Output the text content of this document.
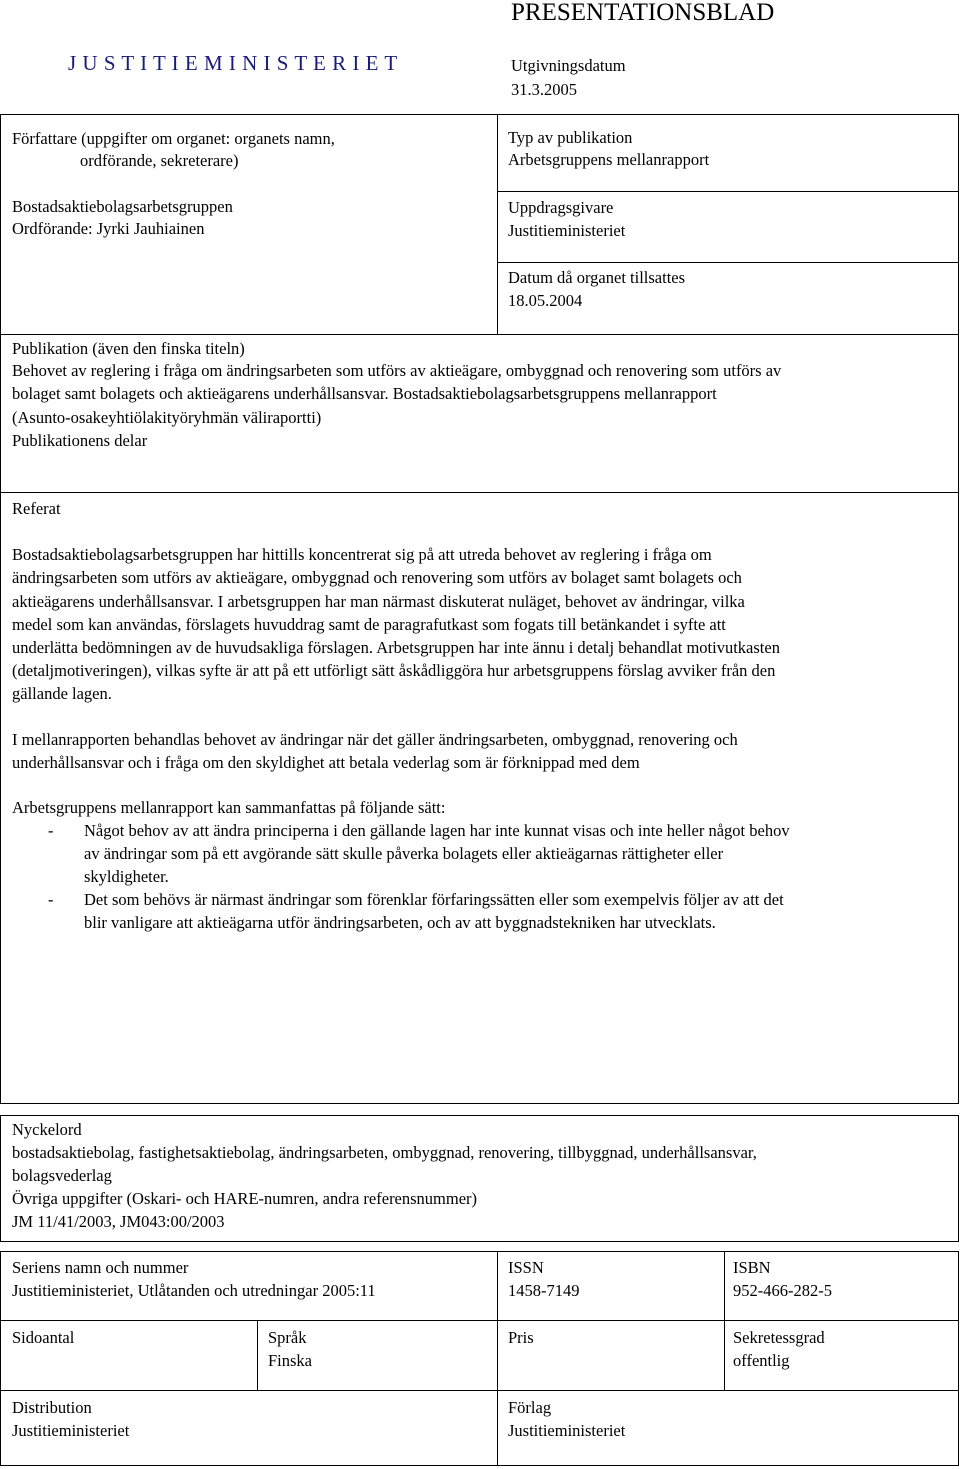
J U S T I T I E M I N I S T E R I E T
PRESENTATIONSBLAD
Utgivningsdatum
31.3.2005
Författare (uppgifter om organet: organets namn,
ordförande, sekreterare)
Bostadsaktiebolagsarbetsgruppen
Ordförande: Jyrki Jauhiainen
Typ av publikation
Arbetsgruppens mellanrapport
Uppdragsgivare
Justitieministeriet
Datum då organet tillsattes
18.05.2004
Publikation (även den finska titeln)
Behovet av reglering i fråga om ändringsarbeten som utförs av aktieägare, ombyggnad och renovering som utförs av
bolaget samt bolagets och aktieägarens underhållsansvar. Bostadsaktiebolagsarbetsgruppens mellanrapport
(Asunto-osakeyhtiölakityöryhmän väliraportti)
Publikationens delar
Referat
Bostadsaktiebolagsarbetsgruppen har hittills koncentrerat sig på att utreda behovet av reglering i fråga om
ändringsarbeten som utförs av aktieägare, ombyggnad och renovering som utförs av bolaget samt bolagets och
aktieägarens underhållsansvar. I arbetsgruppen har man närmast diskuterat nuläget, behovet av ändringar, vilka
medel som kan användas, förslagets huvuddrag samt de paragrafutkast som fogats till betänkandet i syfte att
underlätta bedömningen av de huvudsakliga förslagen. Arbetsgruppen har inte ännu i detalj behandlat motivutkasten
(detaljmotiveringen), vilkas syfte är att på ett utförligt sätt åskådliggöra hur arbetsgruppens förslag avviker från den
gällande lagen.
I mellanrapporten behandlas behovet av ändringar när det gäller ändringsarbeten, ombyggnad, renovering och
underhållsansvar och i fråga om den skyldighet att betala vederlag som är förknippad med dem
Arbetsgruppens mellanrapport kan sammanfattas på följande sätt:
- Något behov av att ändra principerna i den gällande lagen har inte kunnat visas och inte heller något behov
av ändringar som på ett avgörande sätt skulle påverka bolagets eller aktieägarnas rättigheter eller
skyldigheter.
- Det som behövs är närmast ändringar som förenklar förfaringssätten eller som exempelvis följer av att det
blir vanligare att aktieägarna utför ändringsarbeten, och av att byggnadstekniken har utvecklats.
Nyckelord
bostadsaktiebolag, fastighetsaktiebolag, ändringsarbeten, ombyggnad, renovering, tillbyggnad, underhållsansvar,
bolagsvederlag
Övriga uppgifter (Oskari- och HARE-numren, andra referensnummer)
JM 11/41/2003, JM043:00/2003
Seriens namn och nummer
Justitieministeriet, Utlåtanden och utredningar 2005:11
ISSN
1458-7149
ISBN
952-466-282-5
Sidoantal	Språk
Finska
Pris	Sekretessgrad
offentlig
Distribution
Justitieministeriet
Förlag
Justitieministeriet
